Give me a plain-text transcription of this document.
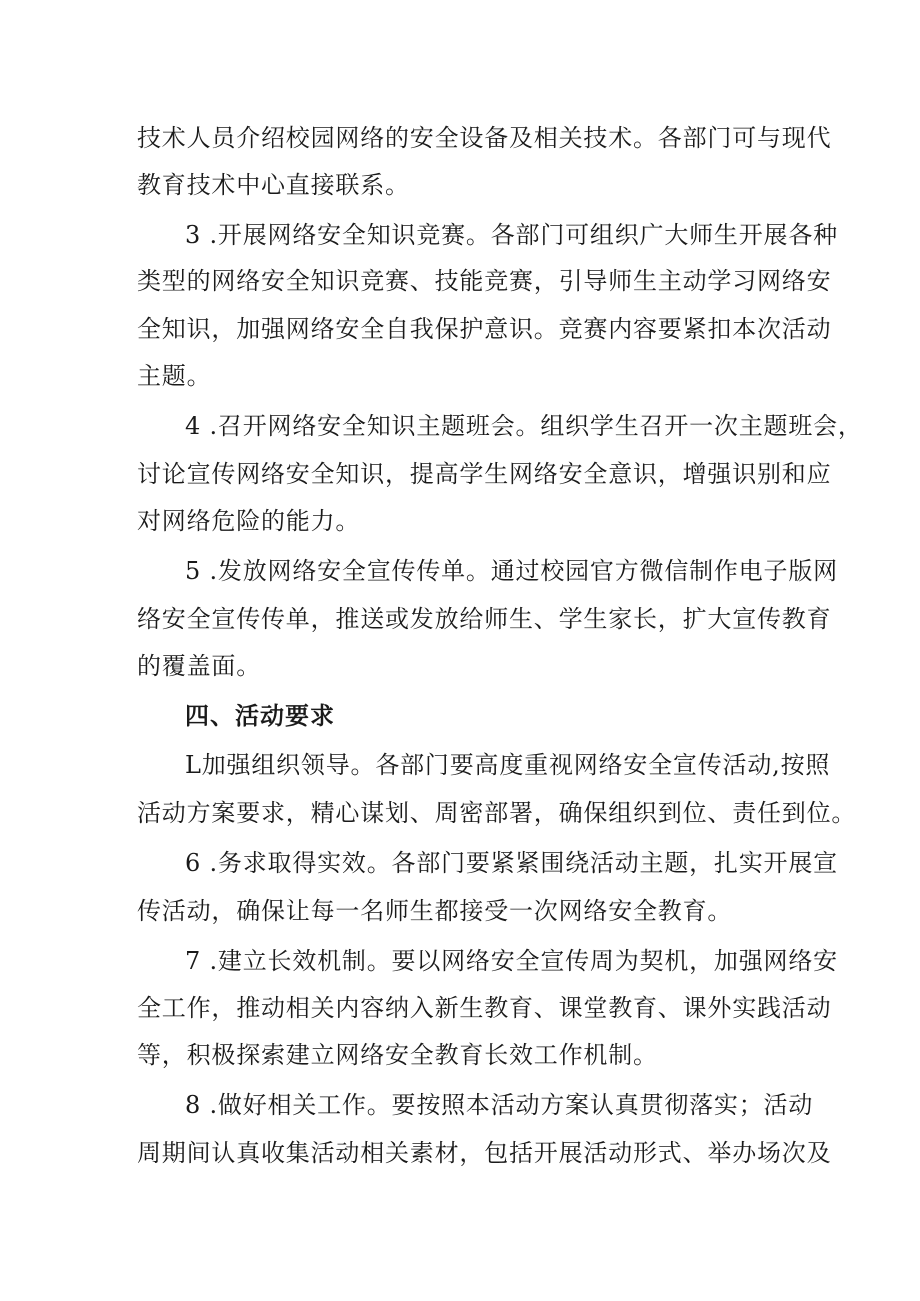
技术人员介绍校园网络的安全设备及相关技术。各部门可与现代
教育技术中心直接联系。
3 .开展网络安全知识竞赛。各部门可组织广大师生开展各种
类型的网络安全知识竞赛、技能竞赛，引导师生主动学习网络安
全知识，加强网络安全自我保护意识。竞赛内容要紧扣本次活动
主题。
4 .召开网络安全知识主题班会。组织学生召开一次主题班会，
讨论宣传网络安全知识，提高学生网络安全意识，增强识别和应
对网络危险的能力。
5 .发放网络安全宣传传单。通过校园官方微信制作电子版网
络安全宣传传单，推送或发放给师生、学生家长，扩大宣传教育
的覆盖面。
四、活动要求
L加强组织领导。各部门要高度重视网络安全宣传活动,按照
活动方案要求，精心谋划、周密部署，确保组织到位、责任到位。
6 .务求取得实效。各部门要紧紧围绕活动主题，扎实开展宣
传活动，确保让每一名师生都接受一次网络安全教育。
7 .建立长效机制。要以网络安全宣传周为契机，加强网络安
全工作，推动相关内容纳入新生教育、课堂教育、课外实践活动
等，积极探索建立网络安全教育长效工作机制。
8 .做好相关工作。要按照本活动方案认真贯彻落实；活动
周期间认真收集活动相关素材，包括开展活动形式、举办场次及
